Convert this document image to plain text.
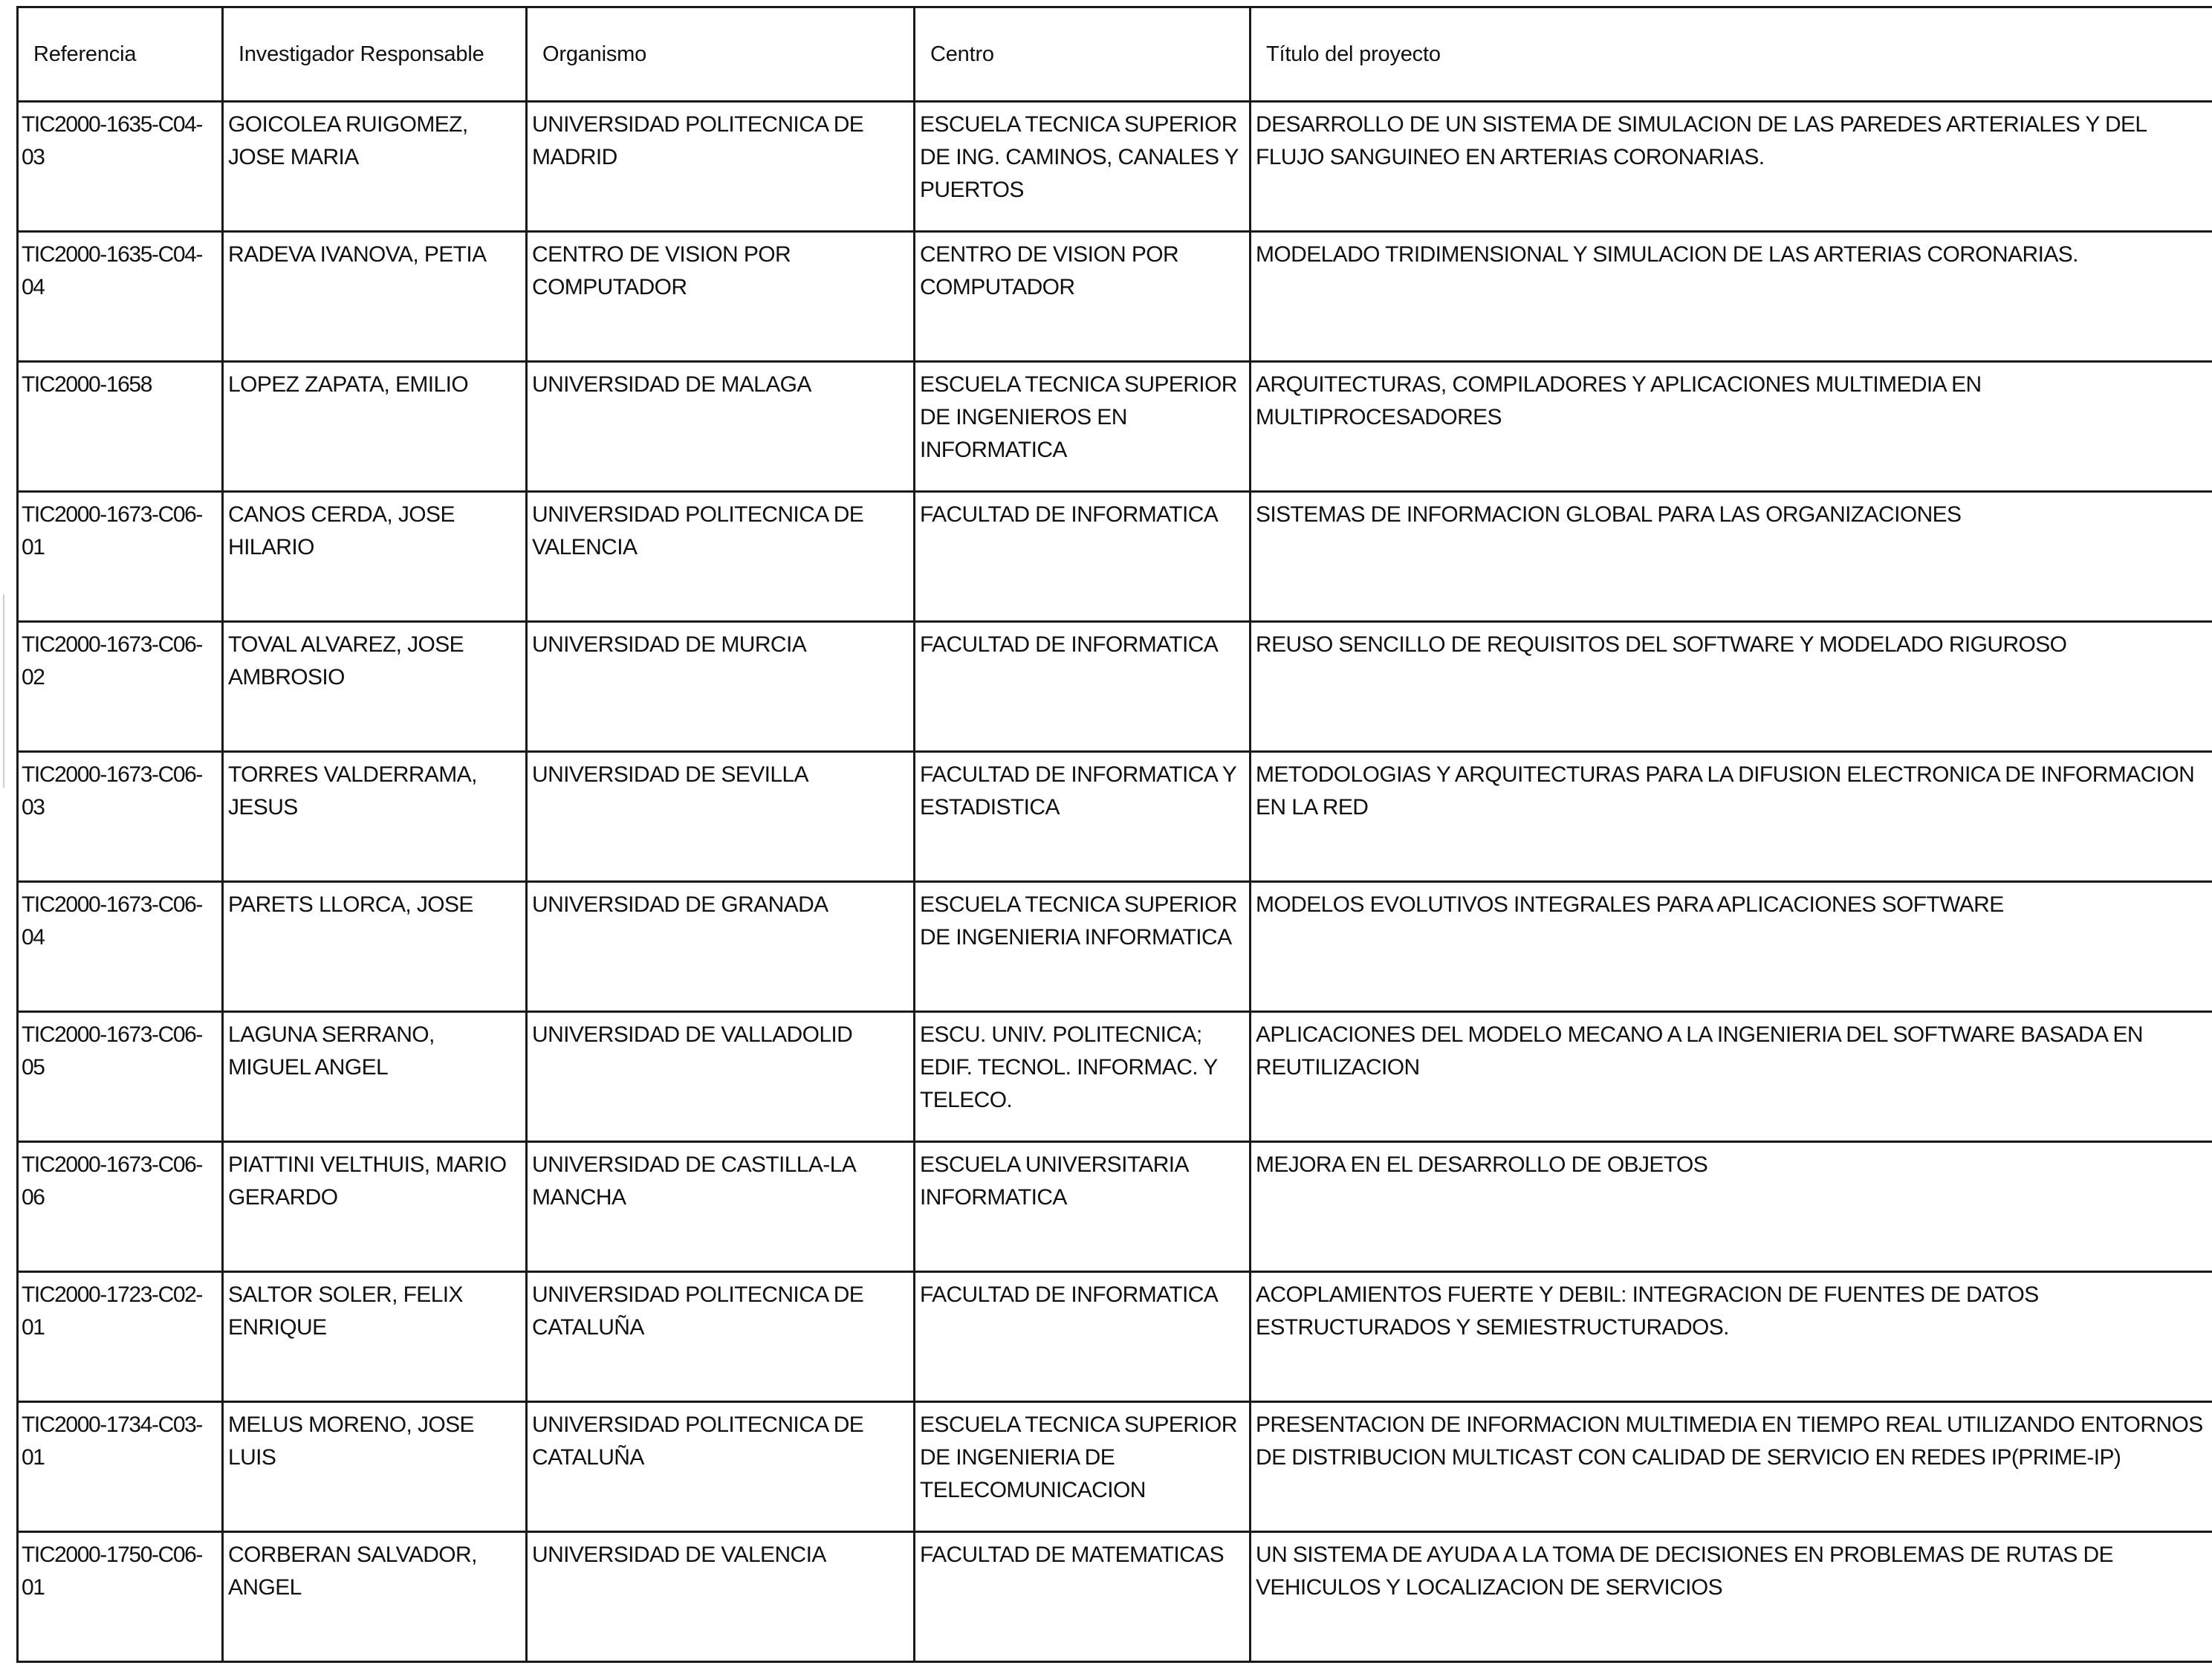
Referencia	Investigador Responsable	Organismo	Centro	Título del proyecto
TIC2000-1635-C04-03	GOICOLEA RUIGOMEZ, JOSE MARIA	UNIVERSIDAD POLITECNICA DE MADRID	ESCUELA TECNICA SUPERIOR DE ING. CAMINOS, CANALES Y PUERTOS	DESARROLLO DE UN SISTEMA DE SIMULACION DE LAS PAREDES ARTERIALES Y DEL FLUJO SANGUINEO EN ARTERIAS CORONARIAS.
TIC2000-1635-C04-04	RADEVA IVANOVA, PETIA	CENTRO DE VISION POR COMPUTADOR	CENTRO DE VISION POR COMPUTADOR	MODELADO TRIDIMENSIONAL Y SIMULACION DE LAS ARTERIAS CORONARIAS.
TIC2000-1658	LOPEZ ZAPATA, EMILIO	UNIVERSIDAD DE MALAGA	ESCUELA TECNICA SUPERIOR DE INGENIEROS EN INFORMATICA	ARQUITECTURAS, COMPILADORES Y APLICACIONES MULTIMEDIA EN MULTIPROCESADORES
TIC2000-1673-C06-01	CANOS CERDA, JOSE HILARIO	UNIVERSIDAD POLITECNICA DE VALENCIA	FACULTAD DE INFORMATICA	SISTEMAS DE INFORMACION GLOBAL PARA LAS ORGANIZACIONES
TIC2000-1673-C06-02	TOVAL ALVAREZ, JOSE AMBROSIO	UNIVERSIDAD DE MURCIA	FACULTAD DE INFORMATICA	REUSO SENCILLO DE REQUISITOS DEL SOFTWARE Y MODELADO RIGUROSO
TIC2000-1673-C06-03	TORRES VALDERRAMA, JESUS	UNIVERSIDAD DE SEVILLA	FACULTAD DE INFORMATICA Y ESTADISTICA	METODOLOGIAS Y ARQUITECTURAS PARA LA DIFUSION ELECTRONICA DE INFORMACION EN LA RED
TIC2000-1673-C06-04	PARETS LLORCA, JOSE	UNIVERSIDAD DE GRANADA	ESCUELA TECNICA SUPERIOR DE INGENIERIA INFORMATICA	MODELOS EVOLUTIVOS INTEGRALES PARA APLICACIONES SOFTWARE
TIC2000-1673-C06-05	LAGUNA SERRANO, MIGUEL ANGEL	UNIVERSIDAD DE VALLADOLID	ESCU. UNIV. POLITECNICA; EDIF. TECNOL. INFORMAC. Y TELECO.	APLICACIONES DEL MODELO MECANO A LA INGENIERIA DEL SOFTWARE BASADA EN REUTILIZACION
TIC2000-1673-C06-06	PIATTINI VELTHUIS, MARIO GERARDO	UNIVERSIDAD DE CASTILLA-LA MANCHA	ESCUELA UNIVERSITARIA INFORMATICA	MEJORA EN EL DESARROLLO DE OBJETOS
TIC2000-1723-C02-01	SALTOR SOLER, FELIX ENRIQUE	UNIVERSIDAD POLITECNICA DE CATALUÑA	FACULTAD DE INFORMATICA	ACOPLAMIENTOS FUERTE Y DEBIL: INTEGRACION DE FUENTES DE DATOS ESTRUCTURADOS Y SEMIESTRUCTURADOS.
TIC2000-1734-C03-01	MELUS MORENO, JOSE LUIS	UNIVERSIDAD POLITECNICA DE CATALUÑA	ESCUELA TECNICA SUPERIOR DE INGENIERIA DE TELECOMUNICACION	PRESENTACION DE INFORMACION MULTIMEDIA EN TIEMPO REAL UTILIZANDO ENTORNOS DE DISTRIBUCION MULTICAST CON CALIDAD DE SERVICIO EN REDES IP(PRIME-IP)
TIC2000-1750-C06-01	CORBERAN SALVADOR, ANGEL	UNIVERSIDAD DE VALENCIA	FACULTAD DE MATEMATICAS	UN SISTEMA DE AYUDA A LA TOMA DE DECISIONES EN PROBLEMAS DE RUTAS DE VEHICULOS Y LOCALIZACION DE SERVICIOS
